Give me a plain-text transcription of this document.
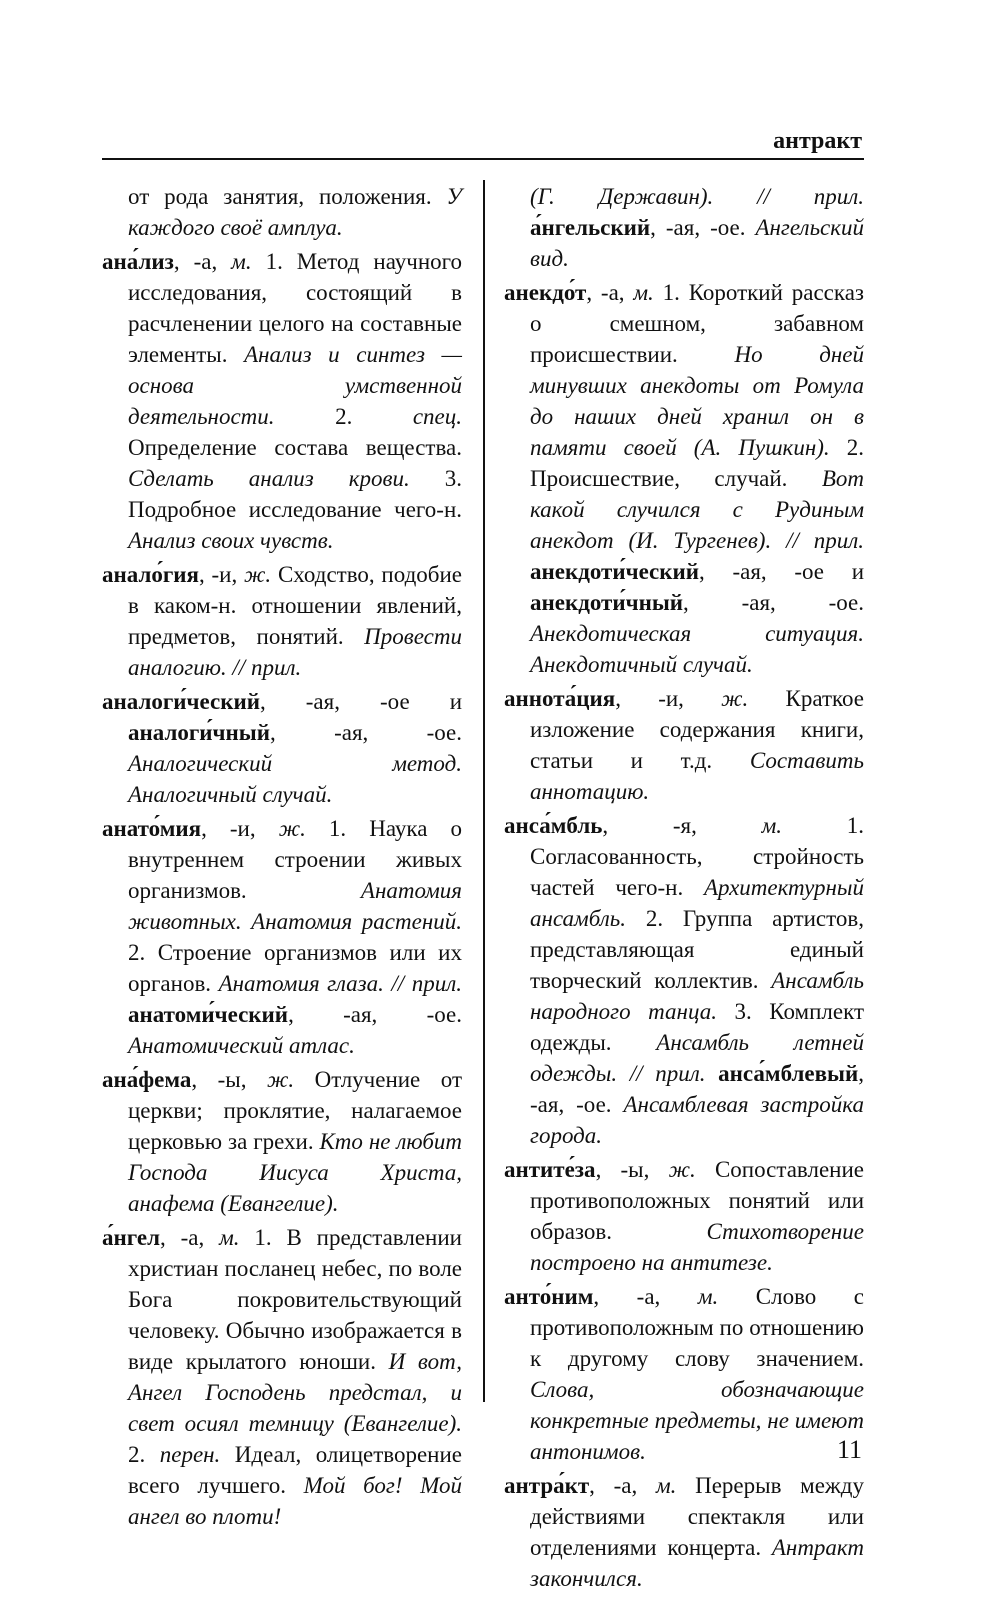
антракт

от рода занятия, положения. У каждого своё амплуа.

ана́лиз, -а, м. 1. Метод научного исследования, состоящий в расчленении целого на составные элементы. Анализ и синтез — основа умственной деятельности. 2. спец. Определение состава вещества. Сделать анализ крови. 3. Подробное исследование чего-н. Анализ своих чувств.

анало́гия, -и, ж. Сходство, подобие в каком-н. отношении явлений, предметов, понятий. Провести аналогию. // прил.

аналоги́ческий, -ая, -ое и аналоги́чный, -ая, -ое. Аналогический метод. Аналогичный случай.

анато́мия, -и, ж. 1. Наука о внутреннем строении живых организмов. Анатомия животных. Анатомия растений. 2. Строение организмов или их органов. Анатомия глаза. // прил. анатоми́ческий, -ая, -ое. Анатомический атлас.

ана́фема, -ы, ж. Отлучение от церкви; проклятие, налагаемое церковью за грехи. Кто не любит Господа Иисуса Христа, анафема (Евангелие).

а́нгел, -а, м. 1. В представлении христиан посланец небес, по воле Бога покровительствующий человеку. Обычно изображается в виде крылатого юноши. И вот, Ангел Господень предстал, и свет осиял темницу (Евангелие). 2. перен. Идеал, олицетворение всего лучшего. Мой бог! Мой ангел во плоти!

(Г. Державин). // прил. а́нгельский, -ая, -ое. Ангельский вид.

анекдо́т, -а, м. 1. Короткий рассказ о смешном, забавном происшествии. Но дней минувших анекдоты от Ромула до наших дней хранил он в памяти своей (А. Пушкин). 2. Происшествие, случай. Вот какой случился с Рудиным анекдот (И. Тургенев). // прил. анекдоти́ческий, -ая, -ое и анекдоти́чный, -ая, -ое. Анекдотическая ситуация. Анекдотичный случай.

аннота́ция, -и, ж. Краткое изложение содержания книги, статьи и т.д. Составить аннотацию.

анса́мбль, -я, м. 1. Согласованность, стройность частей чего-н. Архитектурный ансамбль. 2. Группа артистов, представляющая единый творческий коллектив. Ансамбль народного танца. 3. Комплект одежды. Ансамбль летней одежды. // прил. анса́мблевый, -ая, -ое. Ансамблевая застройка города.

антите́за, -ы, ж. Сопоставление противоположных понятий или образов. Стихотворение построено на антитезе.

анто́ним, -а, м. Слово с противоположным по отношению к другому слову значением. Слова, обозначающие конкретные предметы, не имеют антонимов.

антра́кт, -а, м. Перерыв между действиями спектакля или отделениями концерта. Антракт закончился.

11
